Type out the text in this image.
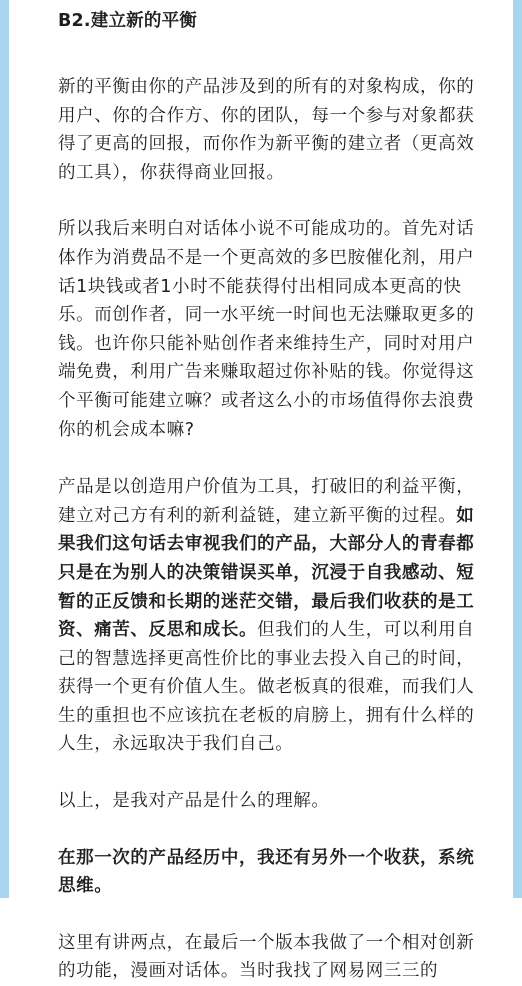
B2.建立新的平衡

新的平衡由你的产品涉及到的所有的对象构成，你的用户、你的合作方、你的团队，每一个参与对象都获得了更高的回报，而你作为新平衡的建立者（更高效的工具），你获得商业回报。

所以我后来明白对话体小说不可能成功的。首先对话体作为消费品不是一个更高效的多巴胺催化剂，用户话1块钱或者1小时不能获得付出相同成本更高的快乐。而创作者，同一水平统一时间也无法赚取更多的钱。也许你只能补贴创作者来维持生产，同时对用户端免费，利用广告来赚取超过你补贴的钱。你觉得这个平衡可能建立嘛？或者这么小的市场值得你去浪费你的机会成本嘛?

产品是以创造用户价值为工具，打破旧的利益平衡，建立对己方有利的新利益链，建立新平衡的过程。如果我们这句话去审视我们的产品，大部分人的青春都只是在为别人的决策错误买单，沉浸于自我感动、短暂的正反馈和长期的迷茫交错，最后我们收获的是工资、痛苦、反思和成长。但我们的人生，可以利用自己的智慧选择更高性价比的事业去投入自己的时间，获得一个更有价值人生。做老板真的很难，而我们人生的重担也不应该抗在老板的肩膀上，拥有什么样的人生，永远取决于我们自己。

以上，是我对产品是什么的理解。

在那一次的产品经历中，我还有另外一个收获，系统思维。

这里有讲两点，在最后一个版本我做了一个相对创新的功能，漫画对话体。当时我找了网易网三三的
